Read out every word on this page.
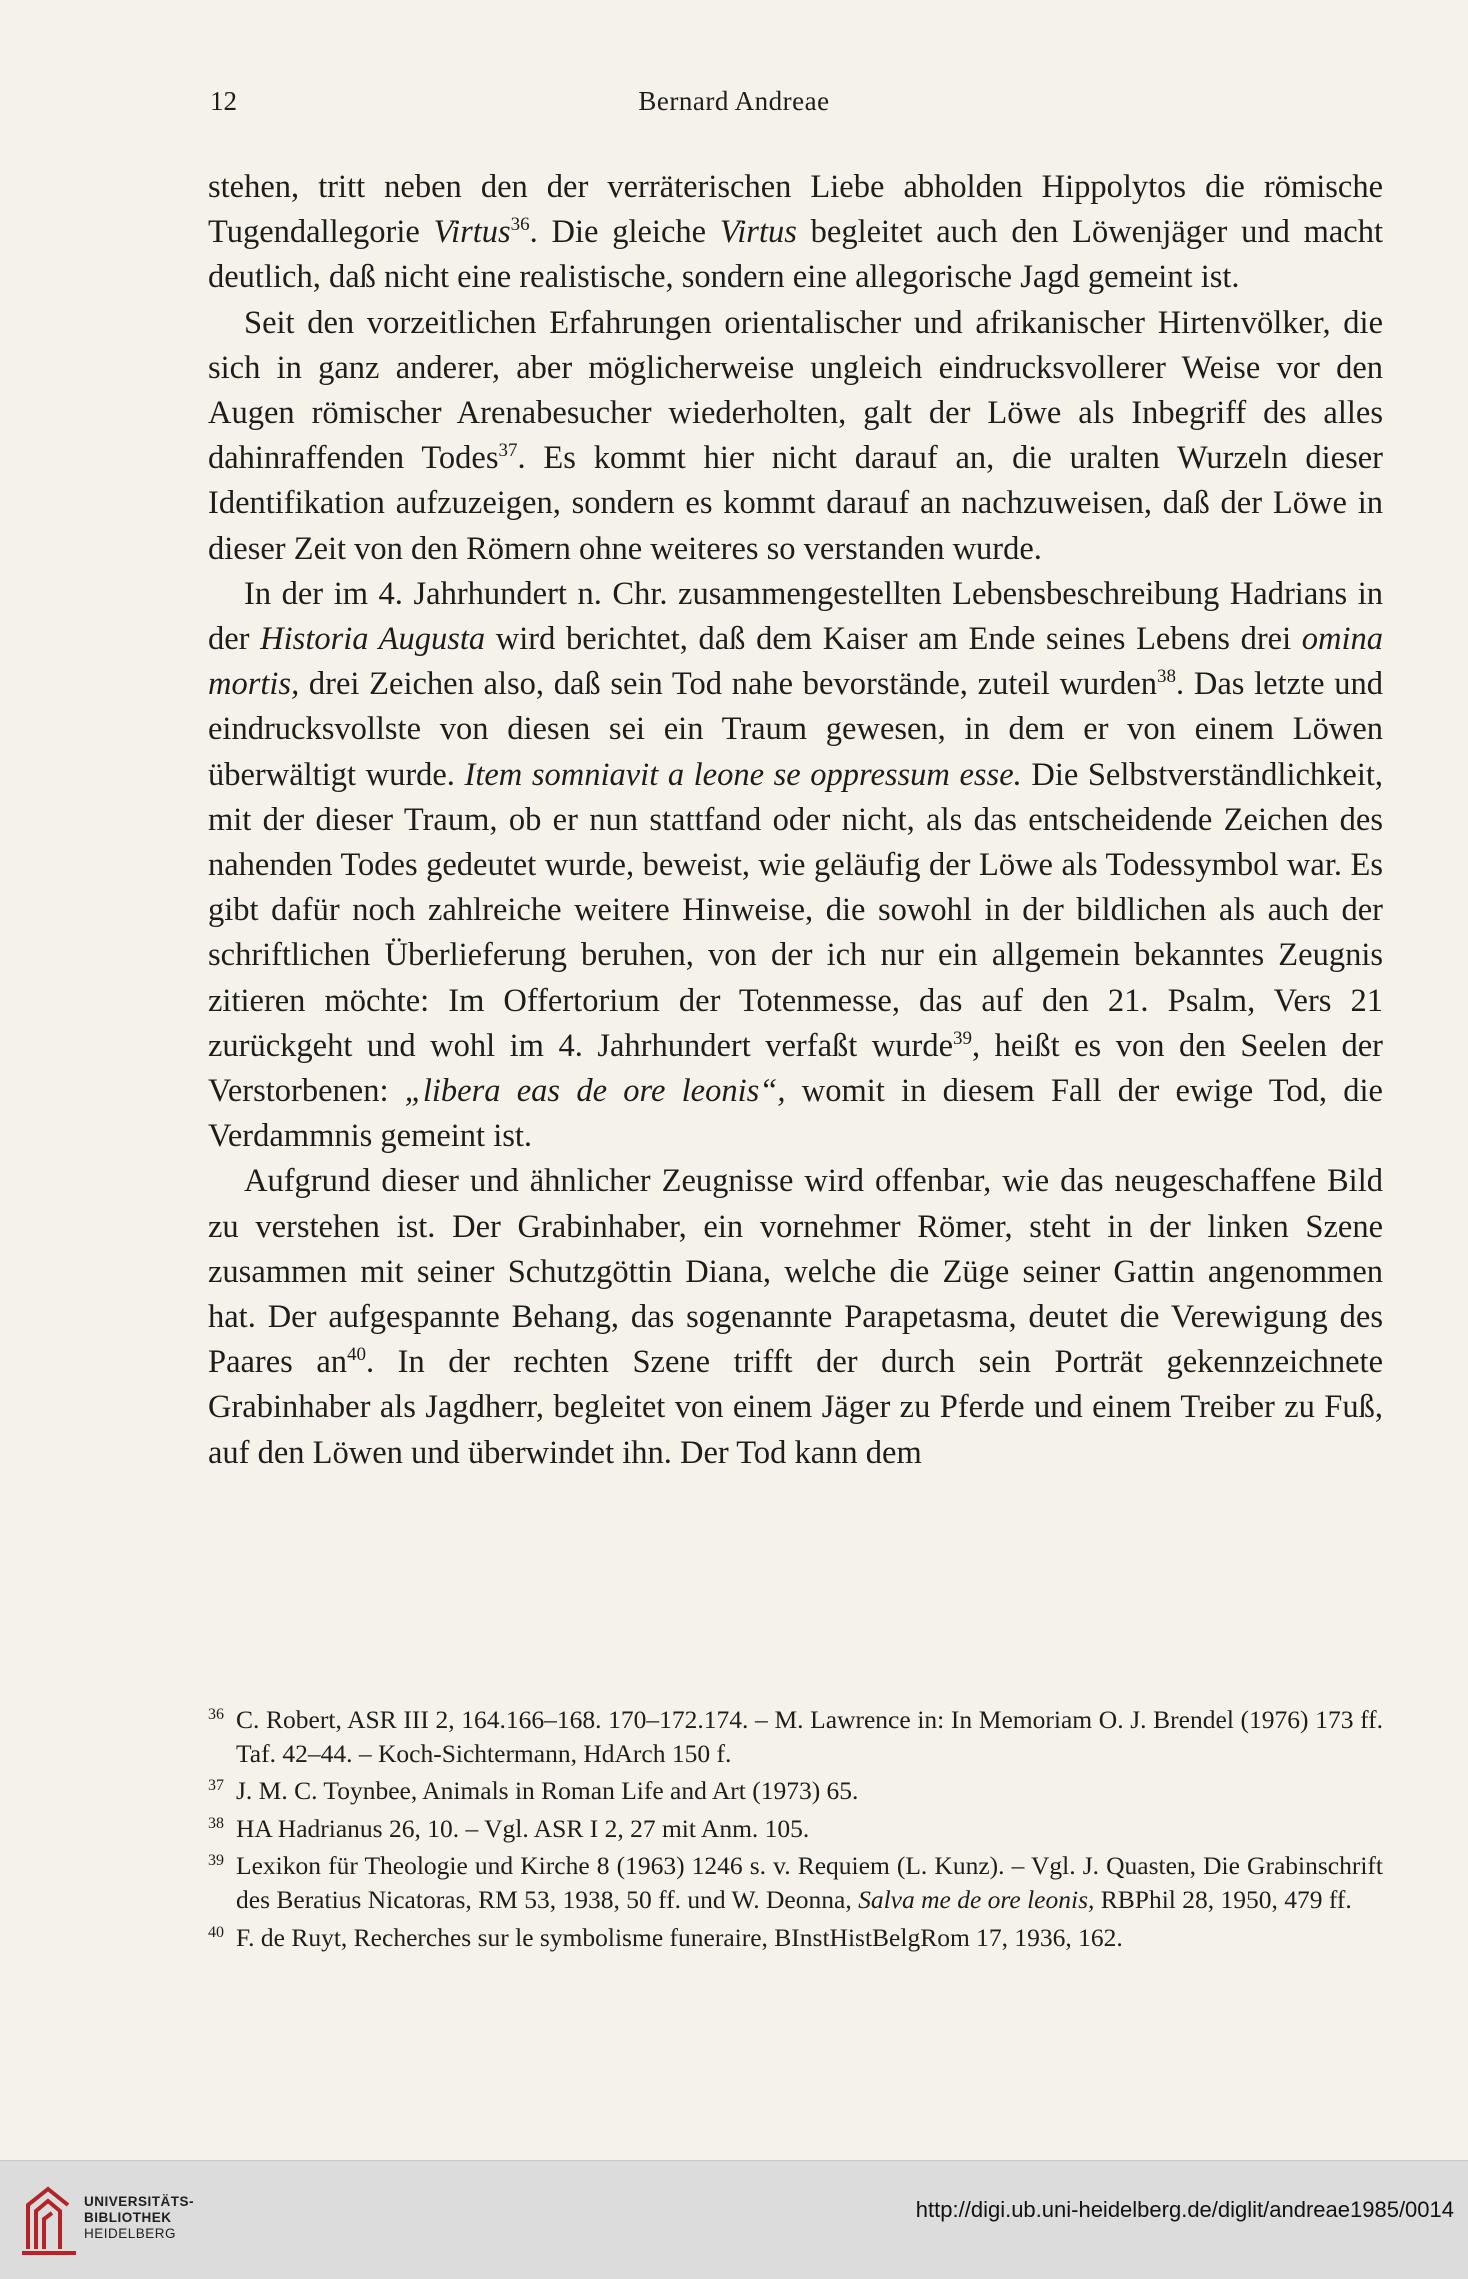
Bernard Andreae
12

stehen, tritt neben den der verräterischen Liebe abholden Hippolytos die römische Tugendallegorie Virtus$^{36}$. Die gleiche Virtus begleitet auch den Löwenjäger und macht deutlich, daß nicht eine realistische, sondern eine allegorische Jagd gemeint ist.

Seit den vorzeitlichen Erfahrungen orientalischer und afrikanischer Hirtenvölker, die sich in ganz anderer, aber möglicherweise ungleich eindrucksvollerer Weise vor den Augen römischer Arenabesucher wiederholten, galt der Löwe als Inbegriff des alles dahinraffenden Todes$^{37}$. Es kommt hier nicht darauf an, die uralten Wurzeln dieser Identifikation aufzuzeigen, sondern es kommt darauf an nachzuweisen, daß der Löwe in dieser Zeit von den Römern ohne weiteres so verstanden wurde.

In der im 4. Jahrhundert n. Chr. zusammengestellten Lebensbeschreibung Hadrians in der Historia Augusta wird berichtet, daß dem Kaiser am Ende seines Lebens drei omina mortis, drei Zeichen also, daß sein Tod nahe bevorstände, zuteil wurden$^{38}$. Das letzte und eindrucksvollste von diesen sei ein Traum gewesen, in dem er von einem Löwen überwältigt wurde. Item somniavit a leone se oppressum esse. Die Selbstverständlichkeit, mit der dieser Traum, ob er nun stattfand oder nicht, als das entscheidende Zeichen des nahenden Todes gedeutet wurde, beweist, wie geläufig der Löwe als Todessymbol war. Es gibt dafür noch zahlreiche weitere Hinweise, die sowohl in der bildlichen als auch der schriftlichen Überlieferung beruhen, von der ich nur ein allgemein bekanntes Zeugnis zitieren möchte: Im Offertorium der Totenmesse, das auf den 21. Psalm, Vers 21 zurückgeht und wohl im 4. Jahrhundert verfaßt wurde$^{39}$, heißt es von den Seelen der Verstorbenen: „libera eas de ore leonis“, womit in diesem Fall der ewige Tod, die Verdammnis gemeint ist.

Aufgrund dieser und ähnlicher Zeugnisse wird offenbar, wie das neugeschaffene Bild zu verstehen ist. Der Grabinhaber, ein vornehmer Römer, steht in der linken Szene zusammen mit seiner Schutzgöttin Diana, welche die Züge seiner Gattin angenommen hat. Der aufgespannte Behang, das sogenannte Parapetasma, deutet die Verewigung des Paares $an^{40}$. In der rechten Szene trifft der durch sein Porträt gekennzeichnete Grabinhaber als Jagdherr, begleitet von einem Jäger zu Pferde und einem Treiber zu Fuß, auf den Löwen und überwindet ihn. Der Tod kann dem

36 C. Robert, ASR III 2, 164.166–168. 170–172.174. – M. Lawrence in: In Memoriam O. J. Brendel (1976) 173 ff. Taf. 42–44. – Koch-Sichtermann, HdArch 150 f.
37 J. M. C. Toynbee, Animals in Roman Life and Art (1973) 65.
38 HA Hadrianus 26, 10. – Vgl. ASR I 2, 27 mit Anm. 105.
39 Lexikon für Theologie und Kirche 8 (1963) 1246 s. v. Requiem (L. Kunz). – Vgl. J. Quasten, Die Grabinschrift des Beratius Nicatoras, RM 53, 1938, 50 ff. und W. Deonna, Salva me de ore leonis, RBPhil 28, 1950, 479 ff.
40 F. de Ruyt, Recherches sur le symbolisme funeraire, BInstHistBelgRom 17, 1936, 162.
UNIVERSITÄTS-
BIBLIOTHEK
HEIDELBERG
http://digi.ub.uni-heidelberg.de/diglit/andreae1985/0014
